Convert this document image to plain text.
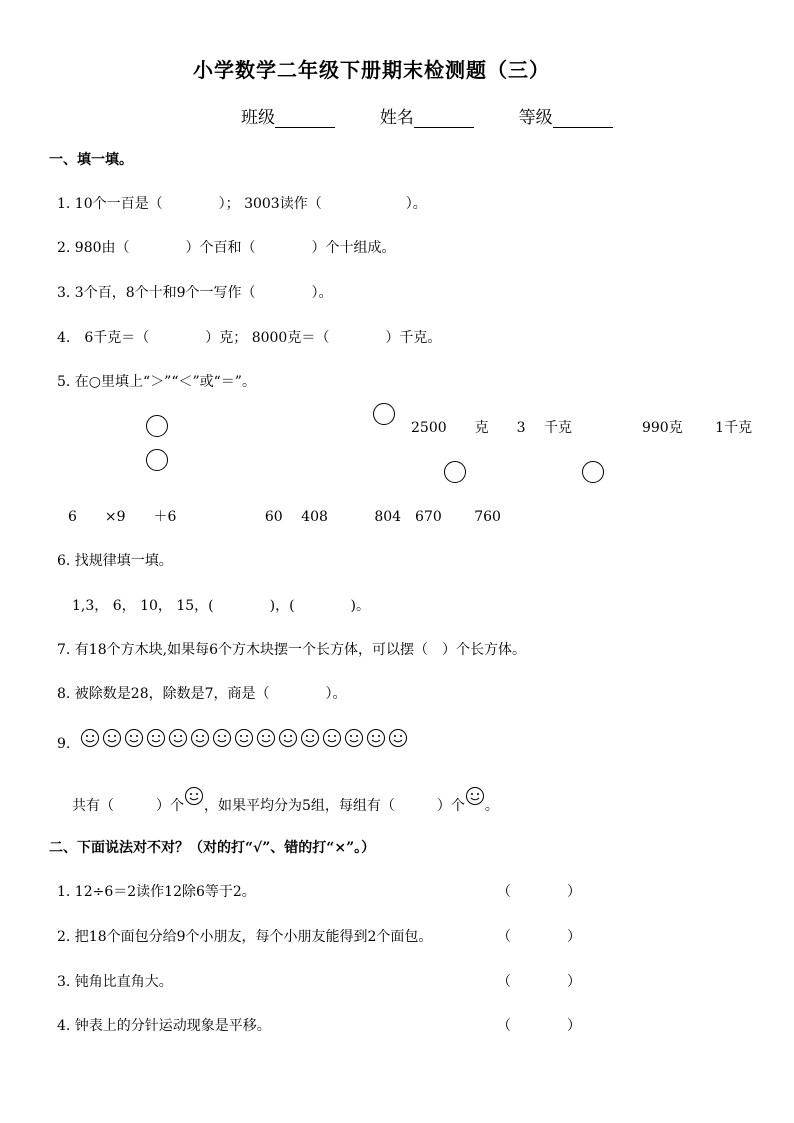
小学数学二年级下册期末检测题（三）
班级	姓名	等级
一、填一填。
1. 10个一百是（　　　　）； 3003读作（　　　　　　）。
2. 980由（　　　　）个百和（　　　　）个十组成。
3. 3个百，8个十和9个一写作（　　　　）。
4.　6千克＝（　　　　）克； 8000克＝（　　　　）千克。
5. 在○里填上“＞”“＜”或“＝”。
2500　　克　　3　 千克　　　　　990克　　 1千克
6　　×9　　＋6　　　　　　 60　 408　　　 804　670　　 760
6. 找规律填一填。
1,3， 6， 10， 15，(　　　　)，(　　　　)。
7. 有18个方木块,如果每6个方木块摆一个长方体，可以摆（　）个长方体。
8. 被除数是28，除数是7，商是（　　　　）。
9.
共有（　　　）个 ，如果平均分为5组，每组有（　　　）个 。
二、下面说法对不对？（对的打“√”、错的打“×”。）
1. 12÷6＝2读作12除6等于2。	（　　　　）
2. 把18个面包分给9个小朋友，每个小朋友能得到2个面包。	（　　　　）
3. 钝角比直角大。	（　　　　）
4. 钟表上的分针运动现象是平移。	（　　　　）
